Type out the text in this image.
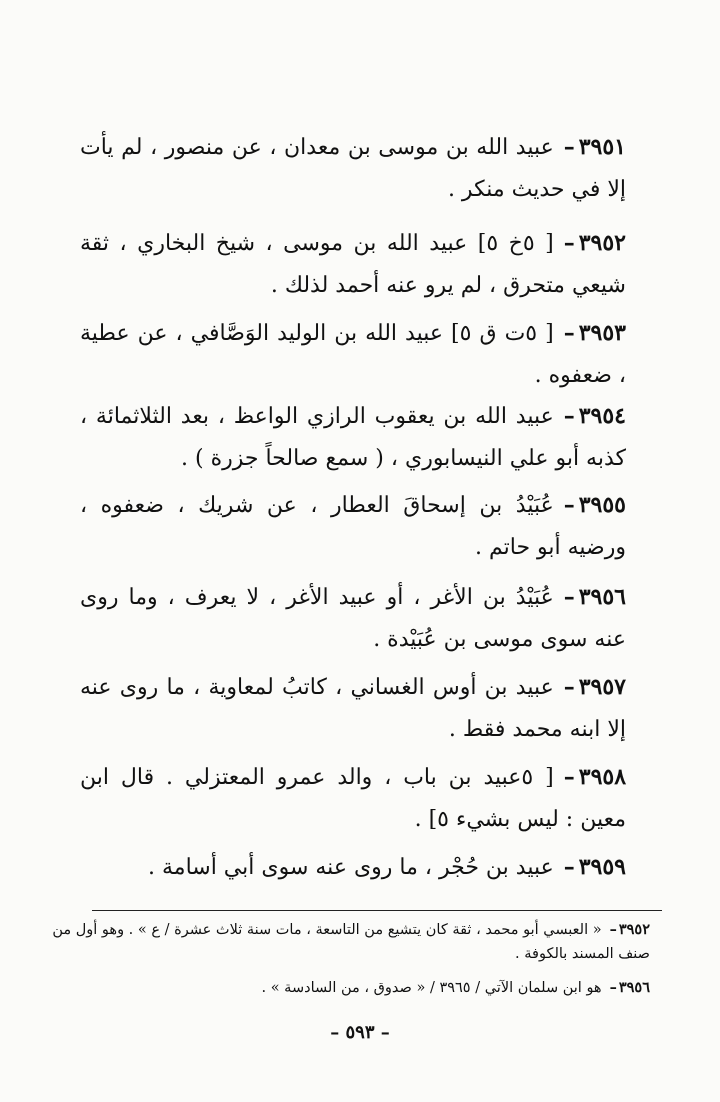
٣٩٥١–عبيد الله بن موسى بن معدان ، عن منصور ، لم يأت إلا في حديث منكر .
٣٩٥٢–[ ٥خ ٥] عبيد الله بن موسى ، شيخ البخاري ، ثقة شيعي متحرق ، لم يرو عنه أحمد لذلك .
٣٩٥٣–[ ٥ت ق ٥] عبيد الله بن الوليد الوَصَّافي ، عن عطية ، ضعفوه .
٣٩٥٤–عبيد الله بن يعقوب الرازي الواعظ ، بعد الثلاثمائة ، كذبه أبو علي النيسابوري ، ( سمع صالحاً جزرة ) .
٣٩٥٥–عُبَيْدُ بن إسحاقَ العطار ، عن شريك ، ضعفوه ، ورضيه أبو حاتم .
٣٩٥٦–عُبَيْدُ بن الأغر ، أو عبيد الأغر ، لا يعرف ، وما روى عنه سوى موسى بن عُبَيْدة .
٣٩٥٧–عبيد بن أوس الغساني ، كاتبُ لمعاوية ، ما روى عنه إلا ابنه محمد فقط .
٣٩٥٨–[ ٥عبيد بن باب ، والد عمرو المعتزلي . قال ابن معين : ليس بشيء ٥] .
٣٩٥٩–عبيد بن حُجْر ، ما روى عنه سوى أبي أسامة .
٣٩٥٢–« العبسي أبو محمد ، ثقة كان يتشيع من التاسعة ، مات سنة ثلاث عشرة / ع » . وهو أول من صنف المسند بالكوفة .
٣٩٥٦–هو ابن سلمان الآتي / ٣٩٦٥ / « صدوق ، من السادسة » .
– ٥٩٣ –
